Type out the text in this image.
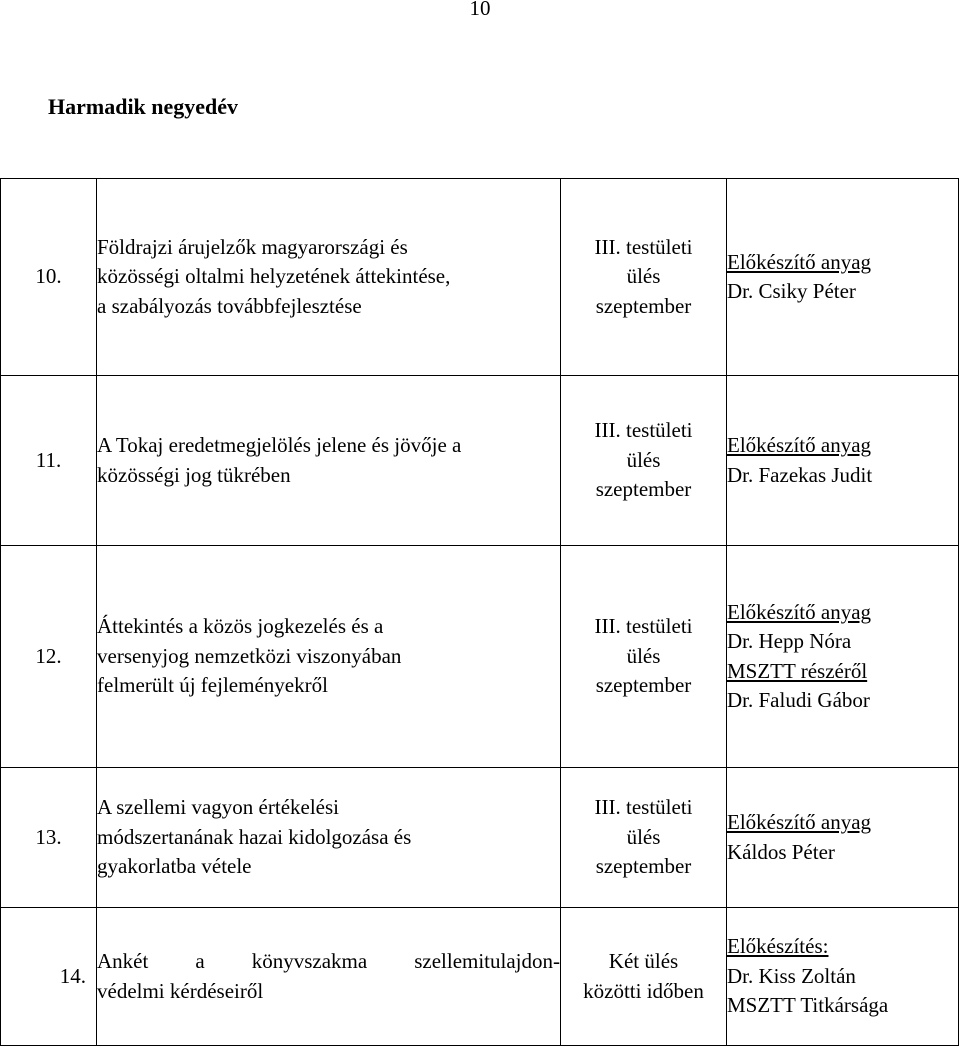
10
Harmadik negyedév
10.	Földrajzi árujelzők magyarországi és
közösségi oltalmi helyzetének áttekintése,
a szabályozás továbbfejlesztése	III. testületi
ülés
szeptember	Előkészítő anyag
Dr. Csiky Péter

11.	A Tokaj eredetmegjelölés jelene és jövője a
közösségi jog tükrében	III. testületi
ülés
szeptember	Előkészítő anyag
Dr. Fazekas Judit

12.	Áttekintés a közös jogkezelés és a
versenyjog nemzetközi viszonyában
felmerült új fejleményekről	III. testületi
ülés
szeptember	Előkészítő anyag
Dr. Hepp Nóra
MSZTT részéről
Dr. Faludi Gábor

13.	A szellemi vagyon értékelési
módszertanának hazai kidolgozása és
gyakorlatba vétele	III. testületi
ülés
szeptember	Előkészítő anyag
Káldos Péter

14.	Ankét a könyvszakma szellemitulajdon-
védelmi kérdéseiről	Két ülés
közötti időben	Előkészítés:
Dr. Kiss Zoltán
MSZTT Titkársága
